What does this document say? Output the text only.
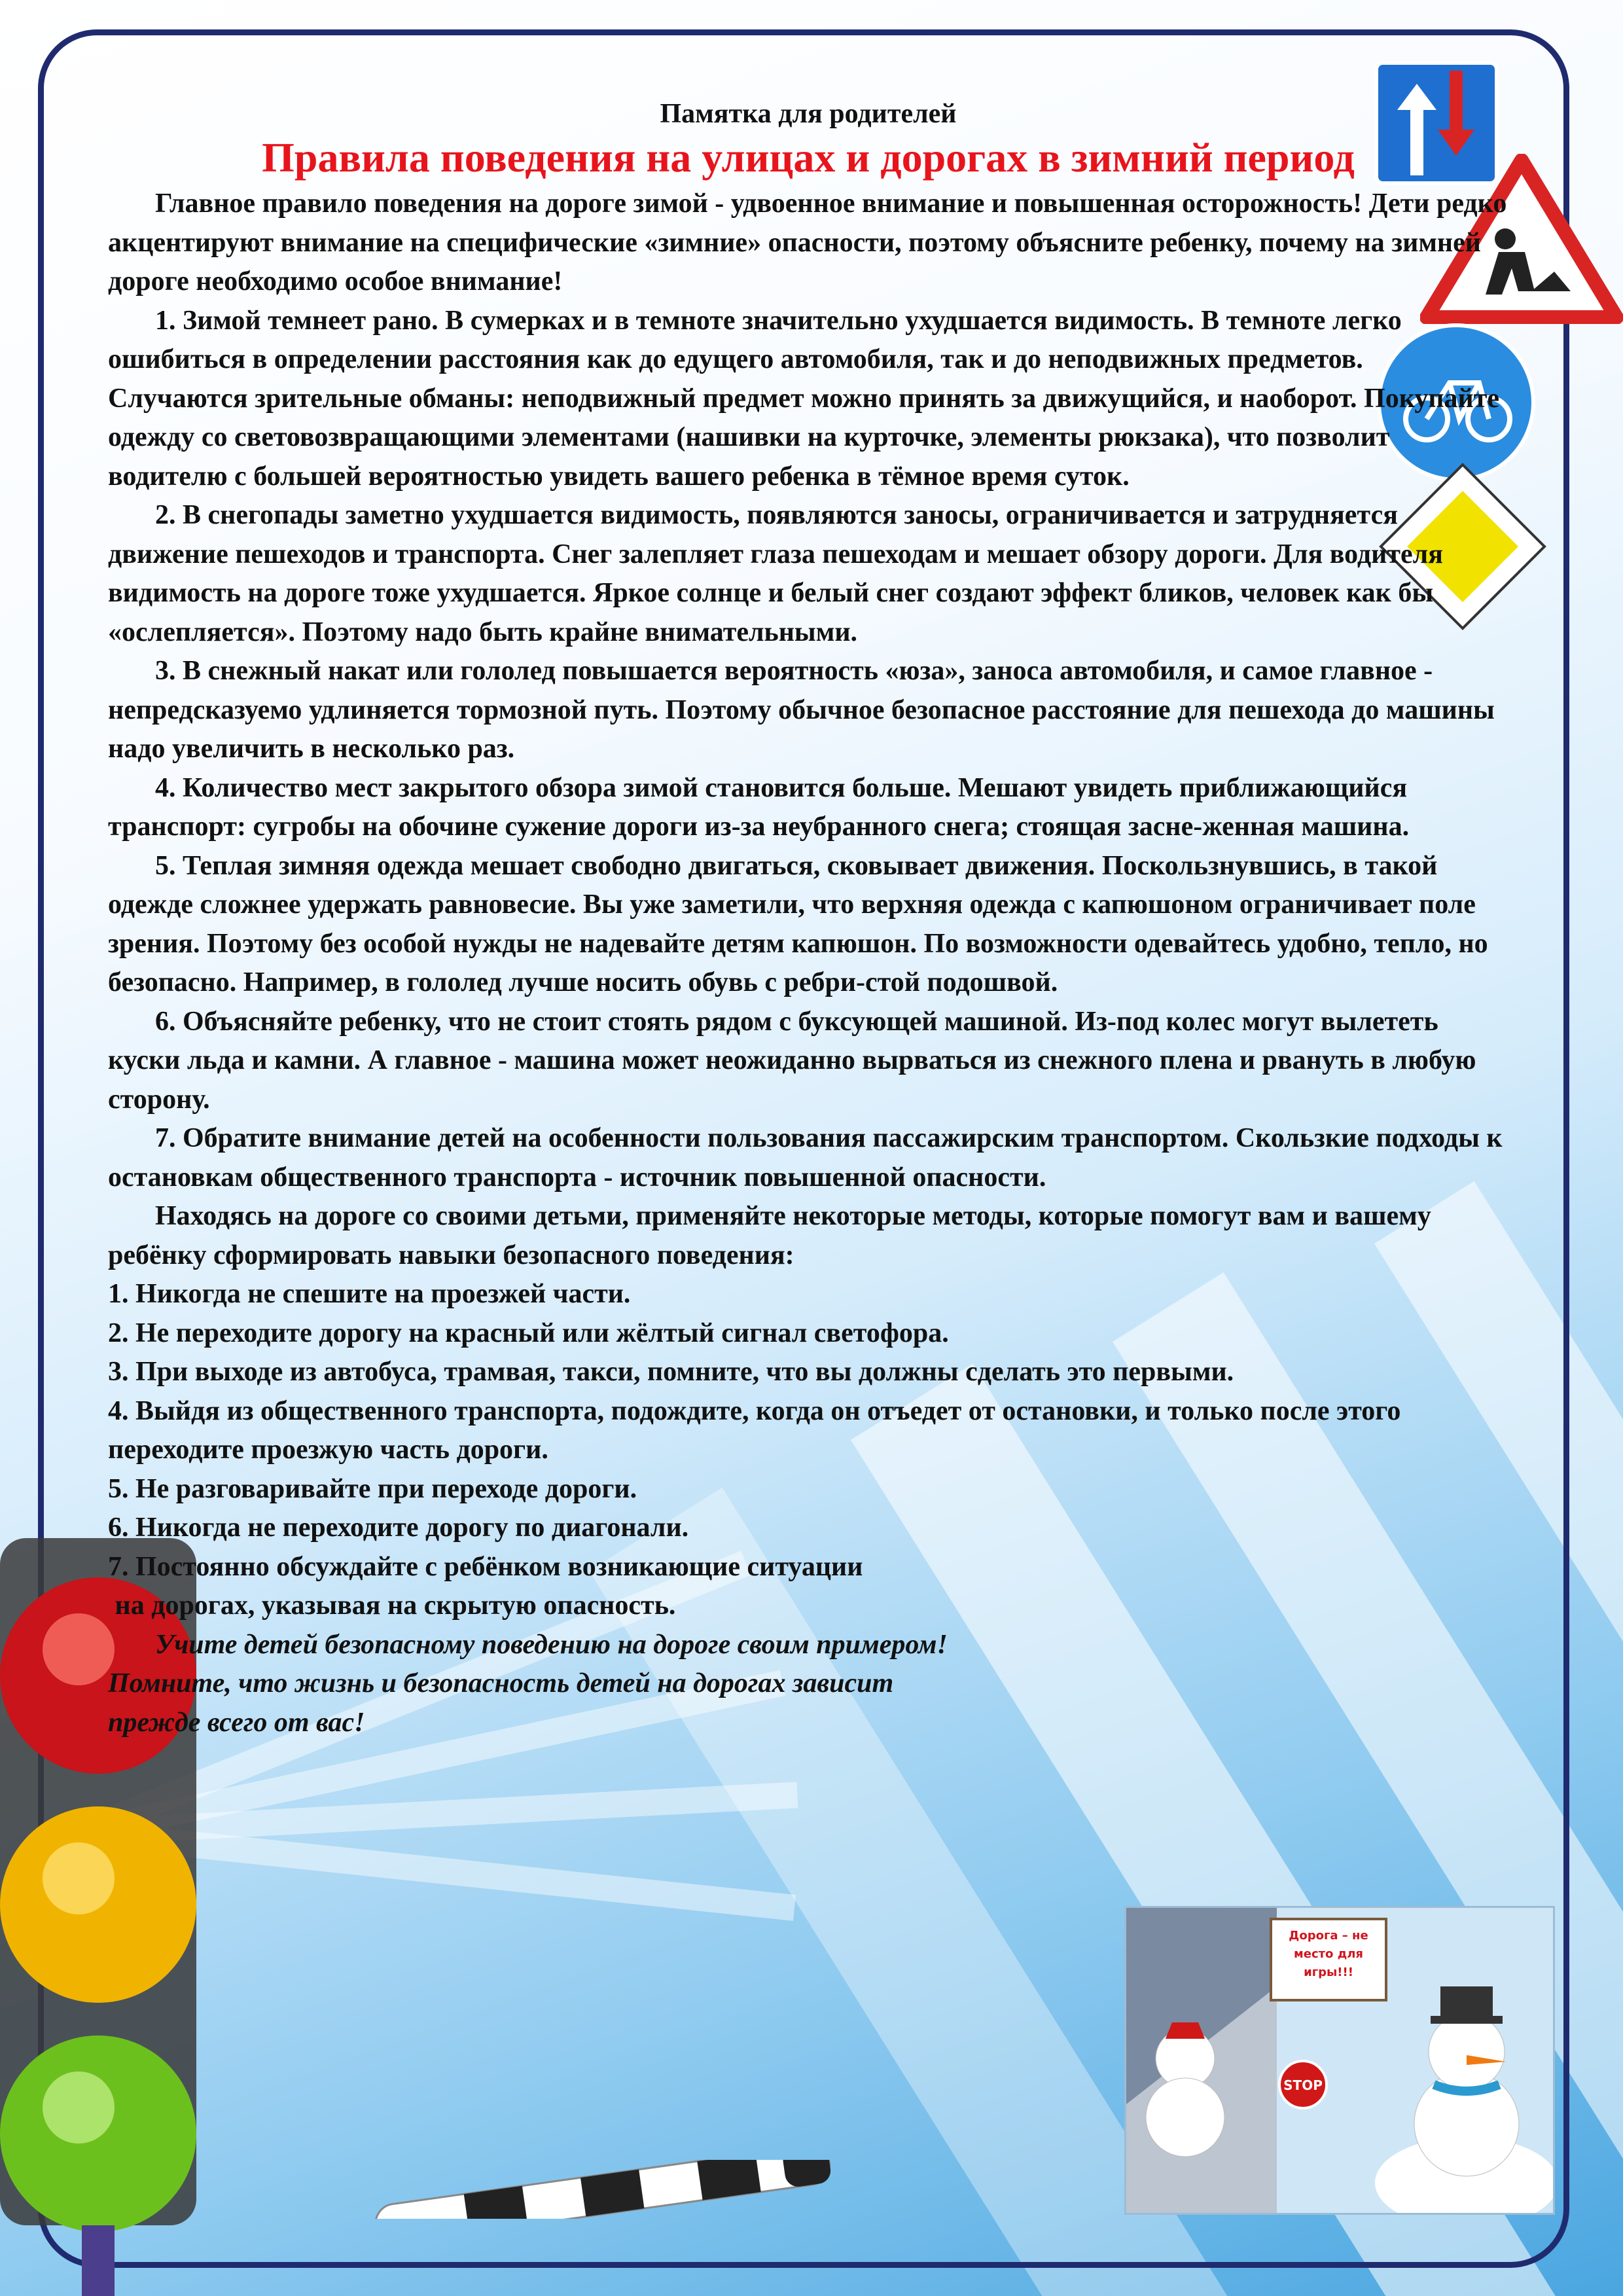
STOP
Дорога – не место для игры!!!

Памятка для родителей

Правила поведения на улицах и дорогах в зимний период

Главное правило поведения на дороге зимой - удвоенное внимание и повышенная осторожность! Дети редко акцентируют внимание на специфические «зимние» опасности, поэтому объясните ребенку, почему на зимней дороге необходимо особое внимание!

1. Зимой темнеет рано. В сумерках и в темноте значительно ухудшается видимость. В темноте легко ошибиться в определении расстояния как до едущего автомобиля, так и до неподвижных предметов. Случаются зрительные обманы: неподвижный предмет можно принять за движущийся, и наоборот. Покупайте одежду со световозвращающими элементами (нашивки на курточке, элементы рюкзака), что позволит водителю с большей вероятностью увидеть вашего ребенка в тёмное время суток.

2. В снегопады заметно ухудшается видимость, появляются заносы, ограничивается и затрудняется движение пешеходов и транспорта. Снег залепляет глаза пешеходам и мешает обзору дороги. Для водителя видимость на дороге тоже ухудшается. Яркое солнце и белый снег создают эффект бликов, человек как бы «ослепляется». Поэтому надо быть крайне внимательными.

3. В снежный накат или гололед повышается вероятность «юза», заноса автомобиля, и самое главное - непредсказуемо удлиняется тормозной путь. Поэтому обычное безопасное расстояние для пешехода до машины надо увеличить в несколько раз.

4. Количество мест закрытого обзора зимой становится больше. Мешают увидеть приближающийся транспорт: сугробы на обочине сужение дороги из-за неубранного снега; стоящая засне-женная машина.

5. Теплая зимняя одежда мешает свободно двигаться, сковывает движения. Поскользнувшись, в такой одежде сложнее удержать равновесие. Вы уже заметили, что верхняя одежда с капюшоном ограничивает поле зрения. Поэтому без особой нужды не надевайте детям капюшон. По возможности одевайтесь удобно, тепло, но безопасно. Например, в гололед лучше носить обувь с ребри-стой подошвой.

6. Объясняйте ребенку, что не стоит стоять рядом с буксующей машиной. Из-под колес могут вылететь куски льда и камни. А главное - машина может неожиданно вырваться из снежного плена и рвануть в любую сторону.

7. Обратите внимание детей на особенности пользования пассажирским транспортом. Скользкие подходы к остановкам общественного транспорта - источник повышенной опасности.

Находясь на дороге со своими детьми, применяйте некоторые методы, которые помогут вам и вашему ребёнку сформировать навыки безопасного поведения:

1. Никогда не спешите на проезжей части.

2. Не переходите дорогу на красный или жёлтый сигнал светофора.

3. При выходе из автобуса, трамвая, такси, помните, что вы должны сделать это первыми.

4. Выйдя из общественного транспорта, подождите, когда он отъедет от остановки, и только после этого переходите проезжую часть дороги.

5. Не разговаривайте при переходе дороги.

6. Никогда не переходите дорогу по диагонали.

7. Постоянно обсуждайте с ребёнком возникающие ситуации

на дорогах, указывая на скрытую опасность.

Учите детей безопасному поведению на дороге своим примером!

Помните, что жизнь и безопасность детей на дорогах зависит

прежде всего от вас!
